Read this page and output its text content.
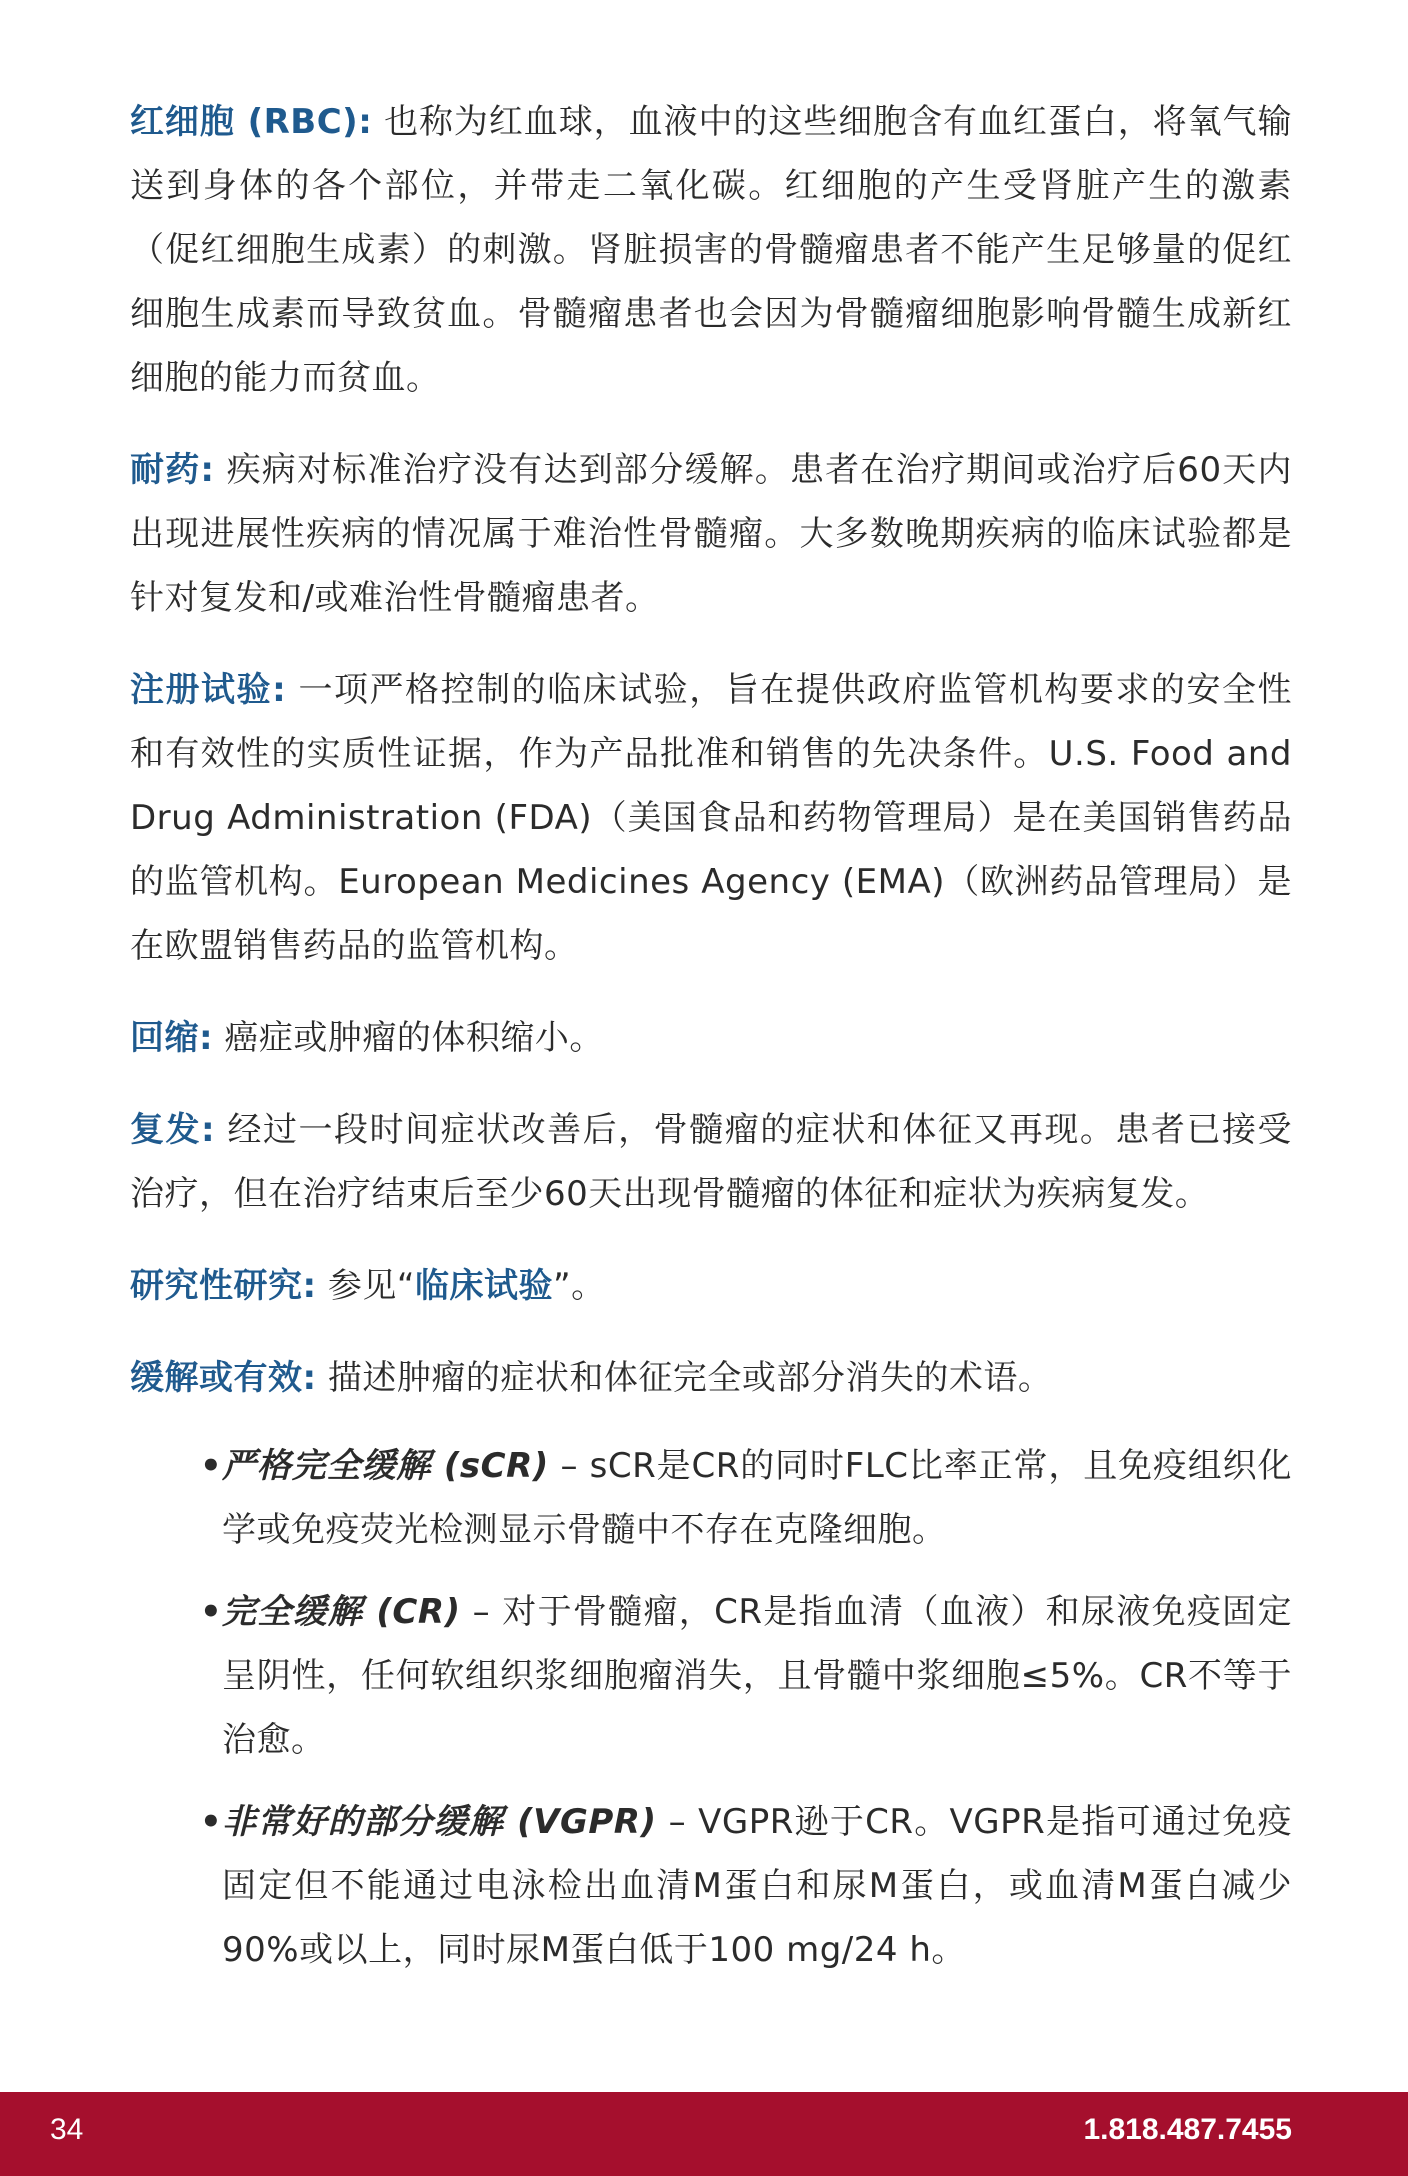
红细胞 (RBC): 也称为红血球，血液中的这些细胞含有血红蛋白，将氧气输送到身体的各个部位，并带走二氧化碳。红细胞的产生受肾脏产生的激素（促红细胞生成素）的刺激。肾脏损害的骨髓瘤患者不能产生足够量的促红细胞生成素而导致贫血。骨髓瘤患者也会因为骨髓瘤细胞影响骨髓生成新红细胞的能力而贫血。

耐药: 疾病对标准治疗没有达到部分缓解。患者在治疗期间或治疗后60天内出现进展性疾病的情况属于难治性骨髓瘤。大多数晚期疾病的临床试验都是针对复发和/或难治性骨髓瘤患者。

注册试验: 一项严格控制的临床试验，旨在提供政府监管机构要求的安全性和有效性的实质性证据，作为产品批准和销售的先决条件。U.S. Food and Drug Administration (FDA)（美国食品和药物管理局）是在美国销售药品的监管机构。European Medicines Agency (EMA)（欧洲药品管理局）是在欧盟销售药品的监管机构。

回缩: 癌症或肿瘤的体积缩小。

复发: 经过一段时间症状改善后，骨髓瘤的症状和体征又再现。患者已接受治疗，但在治疗结束后至少60天出现骨髓瘤的体征和症状为疾病复发。

研究性研究: 参见“临床试验”。

缓解或有效: 描述肿瘤的症状和体征完全或部分消失的术语。

• 严格完全缓解 (sCR) – sCR是CR的同时FLC比率正常，且免疫组织化学或免疫荧光检测显示骨髓中不存在克隆细胞。
• 完全缓解 (CR) – 对于骨髓瘤，CR是指血清（血液）和尿液免疫固定呈阴性，任何软组织浆细胞瘤消失，且骨髓中浆细胞≤5%。CR不等于治愈。
• 非常好的部分缓解 (VGPR) – VGPR逊于CR。VGPR是指可通过免疫固定但不能通过电泳检出血清M蛋白和尿M蛋白，或血清M蛋白减少90%或以上，同时尿M蛋白低于100 mg/24 h。
34	1.818.487.7455
